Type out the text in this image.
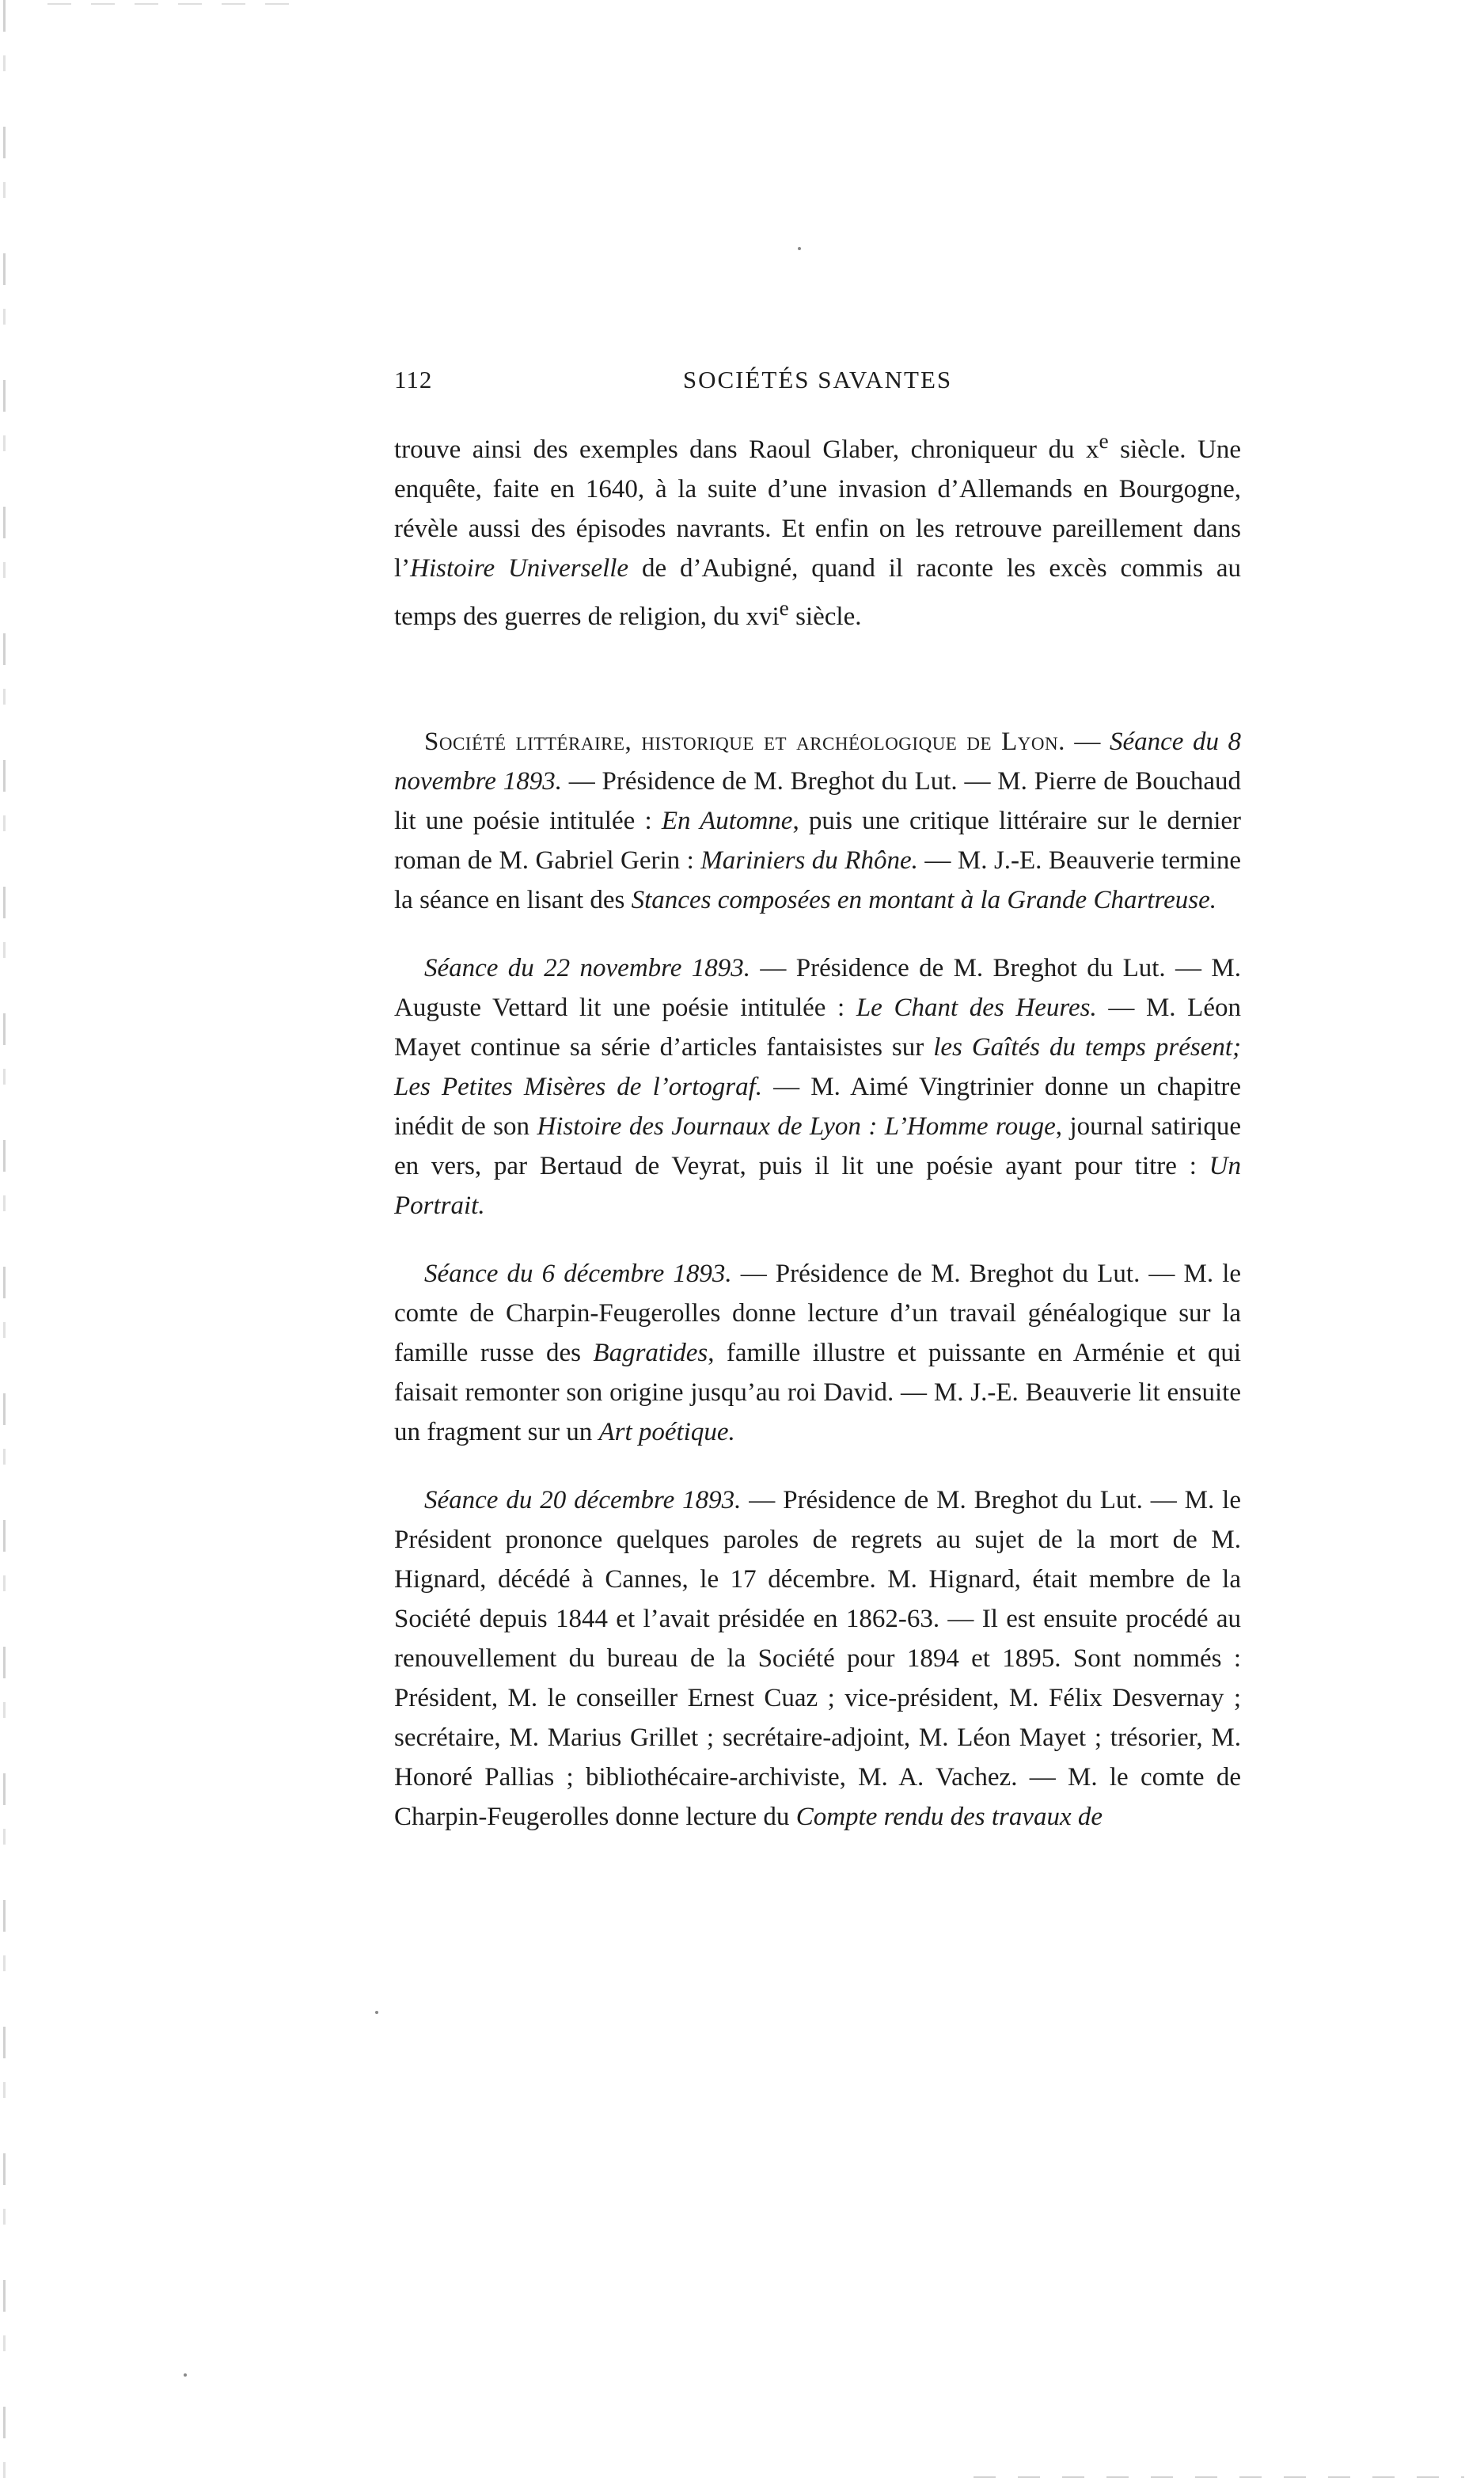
112	SOCIÉTÉS SAVANTES

trouve ainsi des exemples dans Raoul Glaber, chroniqueur du $x^e$ siècle. Une enquête, faite en 1640, à la suite d’une invasion d’Allemands en Bourgogne, révèle aussi des épisodes navrants. Et enfin on les retrouve pareillement dans l’Histoire Universelle de d’Aubigné, quand il raconte les excès commis au temps des guerres de religion, du xvi$^e$ siècle.

Société littéraire, historique et archéologique de Lyon. — Séance du 8 novembre 1893. — Présidence de M. Breghot du Lut. — M. Pierre de Bouchaud lit une poésie intitulée : En Automne, puis une critique littéraire sur le dernier roman de M. Gabriel Gerin : Mariniers du Rhône. — M. J.-E. Beauverie termine la séance en lisant des Stances composées en montant à la Grande Chartreuse.

Séance du 22 novembre 1893. — Présidence de M. Breghot du Lut. — M. Auguste Vettard lit une poésie intitulée : Le Chant des Heures. — M. Léon Mayet continue sa série d’articles fantaisistes sur les Gaîtés du temps présent; Les Petites Misères de l’ortograf. — M. Aimé Vingtrinier donne un chapitre inédit de son Histoire des Journaux de Lyon : L’Homme rouge, journal satirique en vers, par Bertaud de Veyrat, puis il lit une poésie ayant pour titre : Un Portrait.

Séance du 6 décembre 1893. — Présidence de M. Breghot du Lut. — M. le comte de Charpin-Feugerolles donne lecture d’un travail généalogique sur la famille russe des Bagratides, famille illustre et puissante en Arménie et qui faisait remonter son origine jusqu’au roi David. — M. J.-E. Beauverie lit ensuite un fragment sur un Art poétique.

Séance du 20 décembre 1893. — Présidence de M. Breghot du Lut. — M. le Président prononce quelques paroles de regrets au sujet de la mort de M. Hignard, décédé à Cannes, le 17 décembre. M. Hignard, était membre de la Société depuis 1844 et l’avait présidée en 1862-63. — Il est ensuite procédé au renouvellement du bureau de la Société pour 1894 et 1895. Sont nommés : Président, M. le conseiller Ernest Cuaz ; vice-président, M. Félix Desvernay ; secrétaire, M. Marius Grillet ; secrétaire-adjoint, M. Léon Mayet ; trésorier, M. Honoré Pallias ; bibliothécaire-archiviste, M. A. Vachez. — M. le comte de Charpin-Feugerolles donne lecture du Compte rendu des travaux de
